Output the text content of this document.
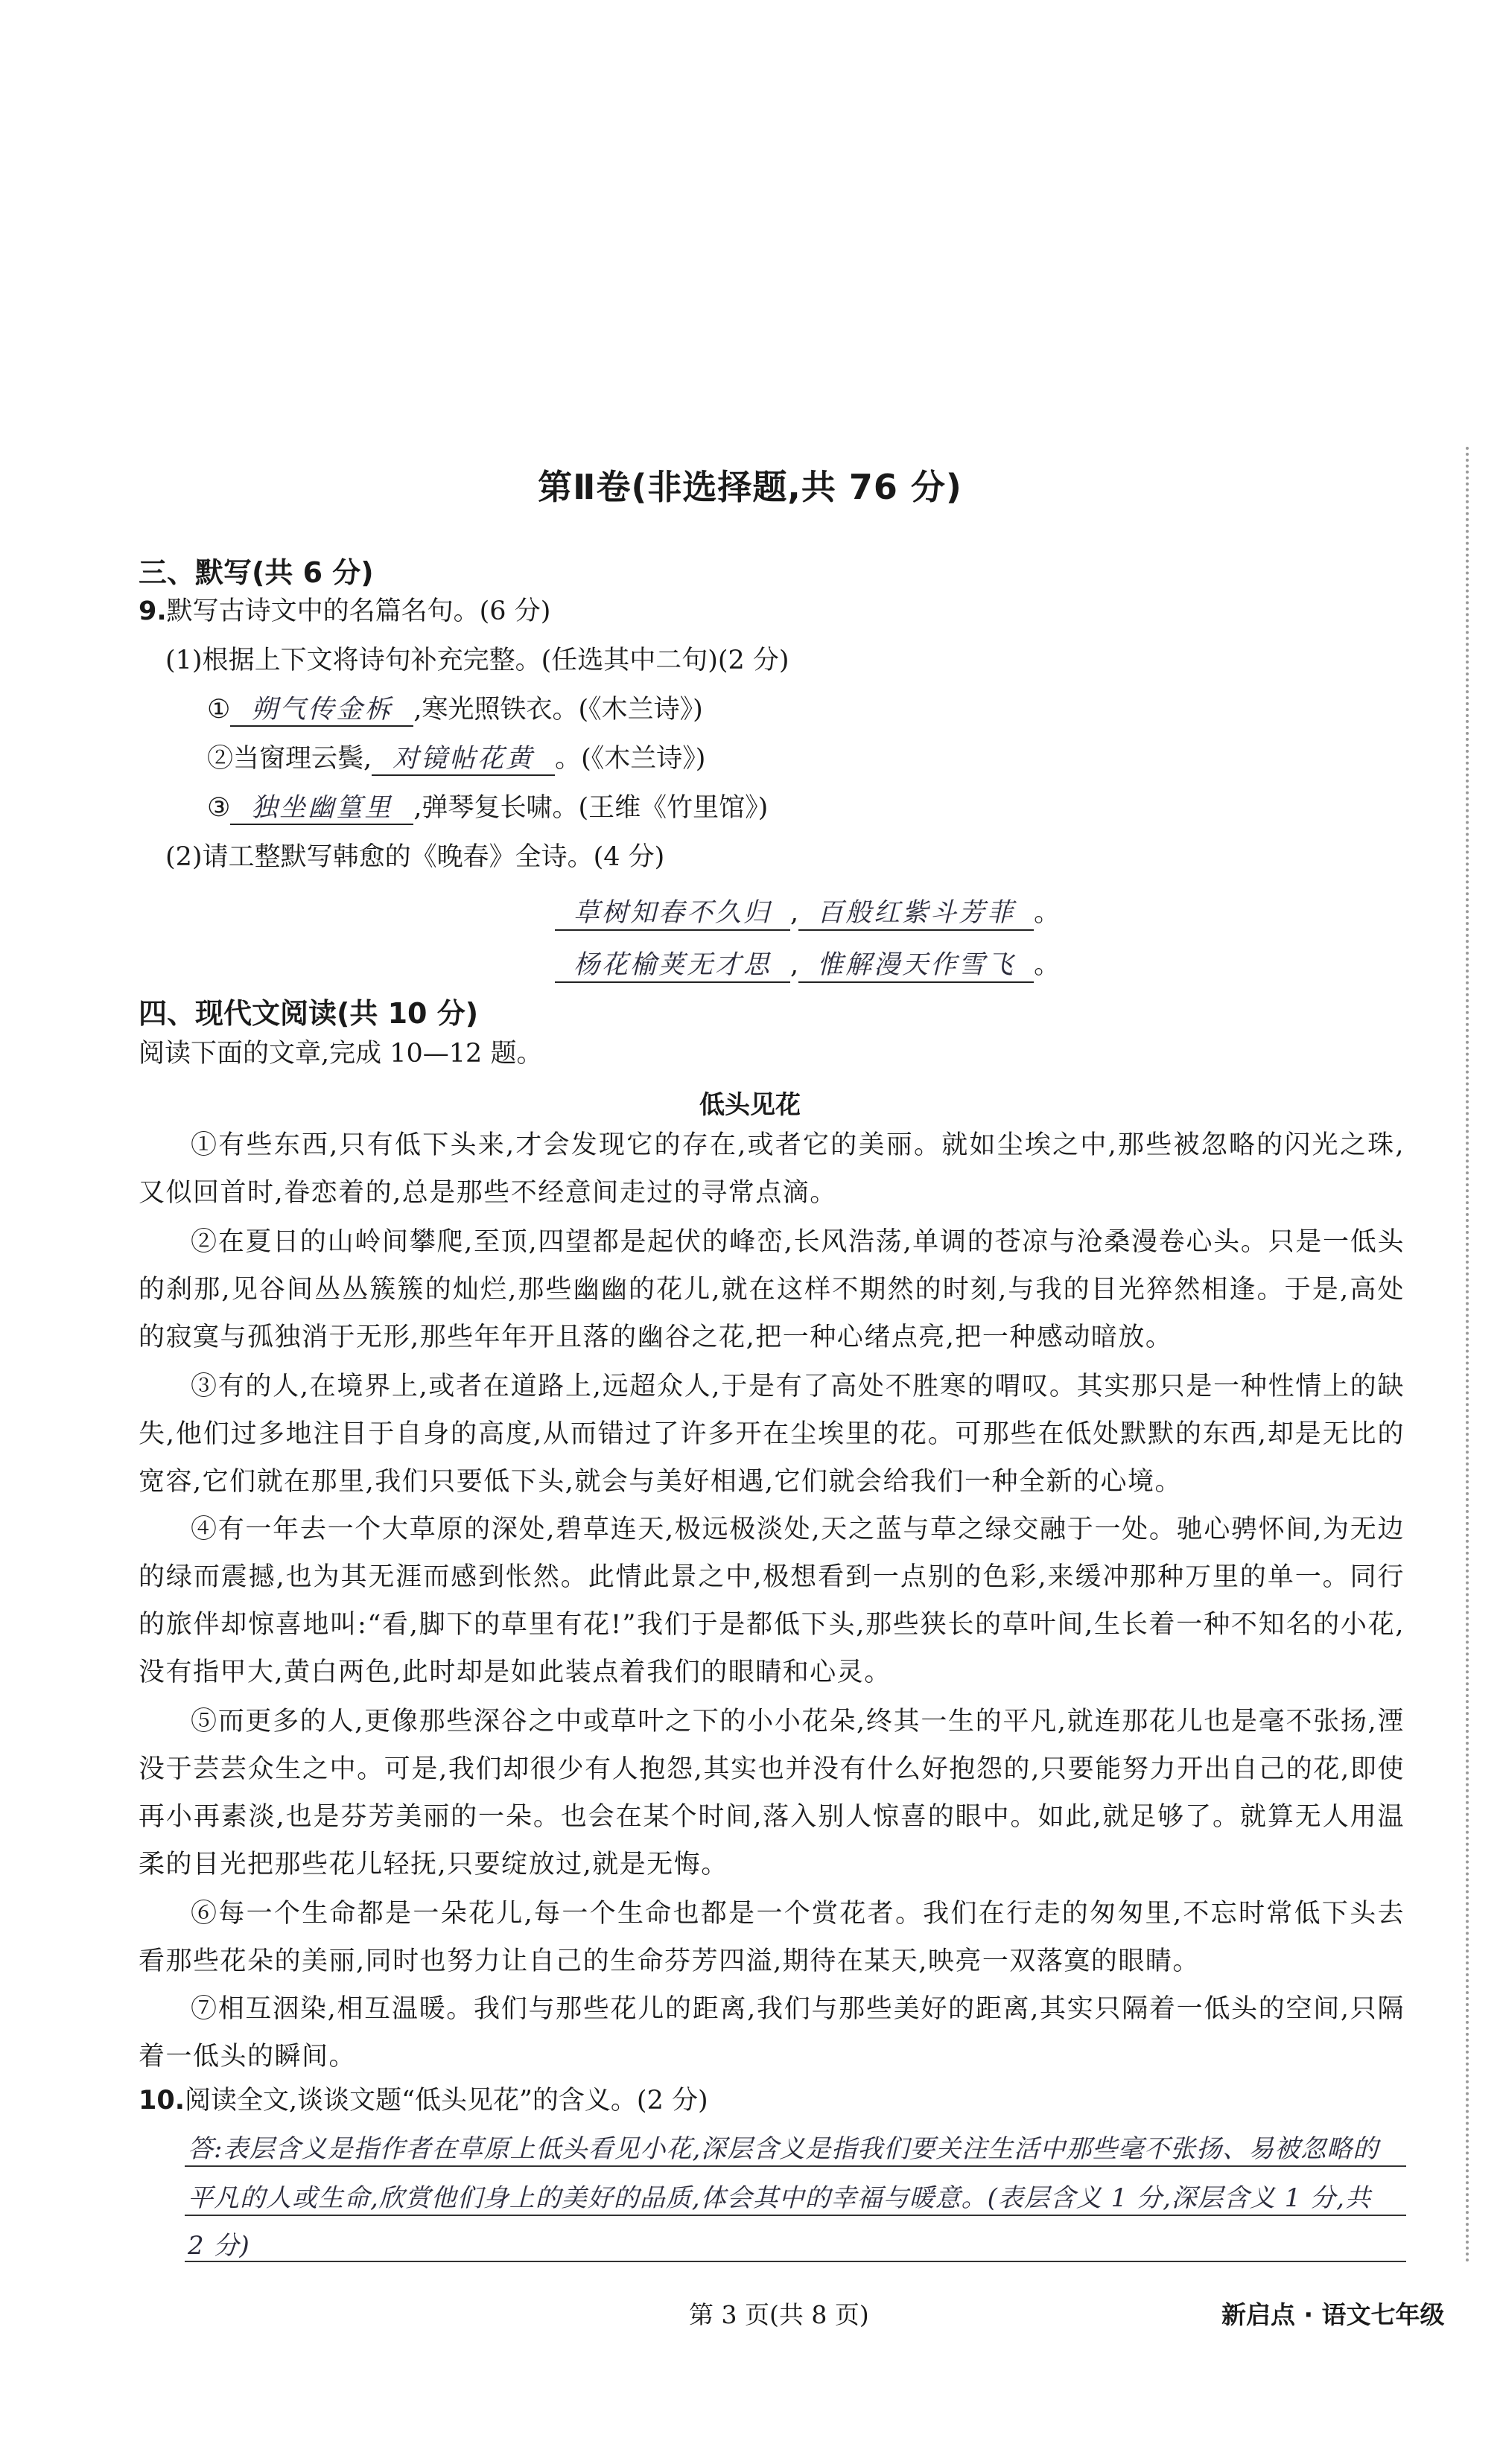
第Ⅱ卷(非选择题,共 76 分)
三、默写(共 6 分)
9.默写古诗文中的名篇名句。(6 分)
(1)根据上下文将诗句补充完整。(任选其中二句)(2 分)
① 朔气传金柝 ,寒光照铁衣。(《木兰诗》)
②当窗理云鬓, 对镜帖花黄 。(《木兰诗》)
③ 独坐幽篁里 ,弹琴复长啸。(王维《竹里馆》)
(2)请工整默写韩愈的《晚春》全诗。(4 分)
草树知春不久归 , 百般红紫斗芳菲 。
杨花榆荚无才思 , 惟解漫天作雪飞 。
四、现代文阅读(共 10 分)
阅读下面的文章,完成 10—12 题。
低头见花
①有些东西,只有低下头来,才会发现它的存在,或者它的美丽。就如尘埃之中,那些被忽略的闪光之珠,又似回首时,眷恋着的,总是那些不经意间走过的寻常点滴。
②在夏日的山岭间攀爬,至顶,四望都是起伏的峰峦,长风浩荡,单调的苍凉与沧桑漫卷心头。只是一低头的刹那,见谷间丛丛簇簇的灿烂,那些幽幽的花儿,就在这样不期然的时刻,与我的目光猝然相逢。于是,高处的寂寞与孤独消于无形,那些年年开且落的幽谷之花,把一种心绪点亮,把一种感动暗放。
③有的人,在境界上,或者在道路上,远超众人,于是有了高处不胜寒的喟叹。其实那只是一种性情上的缺失,他们过多地注目于自身的高度,从而错过了许多开在尘埃里的花。可那些在低处默默的东西,却是无比的宽容,它们就在那里,我们只要低下头,就会与美好相遇,它们就会给我们一种全新的心境。
④有一年去一个大草原的深处,碧草连天,极远极淡处,天之蓝与草之绿交融于一处。驰心骋怀间,为无边的绿而震撼,也为其无涯而感到怅然。此情此景之中,极想看到一点别的色彩,来缓冲那种万里的单一。同行的旅伴却惊喜地叫:“看,脚下的草里有花!”我们于是都低下头,那些狭长的草叶间,生长着一种不知名的小花,没有指甲大,黄白两色,此时却是如此装点着我们的眼睛和心灵。
⑤而更多的人,更像那些深谷之中或草叶之下的小小花朵,终其一生的平凡,就连那花儿也是毫不张扬,湮没于芸芸众生之中。可是,我们却很少有人抱怨,其实也并没有什么好抱怨的,只要能努力开出自己的花,即使再小再素淡,也是芬芳美丽的一朵。也会在某个时间,落入别人惊喜的眼中。如此,就足够了。就算无人用温柔的目光把那些花儿轻抚,只要绽放过,就是无悔。
⑥每一个生命都是一朵花儿,每一个生命也都是一个赏花者。我们在行走的匆匆里,不忘时常低下头去看那些花朵的美丽,同时也努力让自己的生命芬芳四溢,期待在某天,映亮一双落寞的眼睛。
⑦相互洇染,相互温暖。我们与那些花儿的距离,我们与那些美好的距离,其实只隔着一低头的空间,只隔着一低头的瞬间。
10.阅读全文,谈谈文题“低头见花”的含义。(2 分)
答:表层含义是指作者在草原上低头看见小花,深层含义是指我们要关注生活中那些毫不张扬、易被忽略的
平凡的人或生命,欣赏他们身上的美好的品质,体会其中的幸福与暖意。(表层含义 1 分,深层含义 1 分,共
2 分)
第 3 页(共 8 页)	新启点 · 语文七年级
